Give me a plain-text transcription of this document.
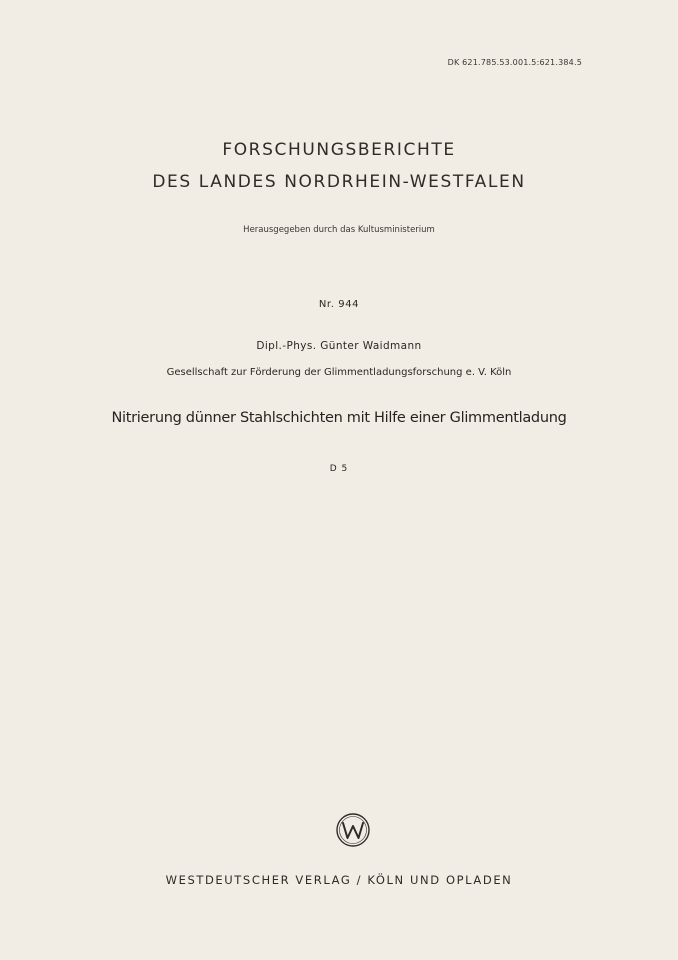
DK 621.785.53.001.5:621.384.5
FORSCHUNGSBERICHTE
DES LANDES NORDRHEIN-WESTFALEN
Herausgegeben durch das Kultusministerium
Nr. 944
Dipl.-Phys. Günter Waidmann
Gesellschaft zur Förderung der Glimmentladungsforschung e. V. Köln
Nitrierung dünner Stahlschichten mit Hilfe einer Glimmentladung
D 5
WESTDEUTSCHER VERLAG / KÖLN UND OPLADEN
